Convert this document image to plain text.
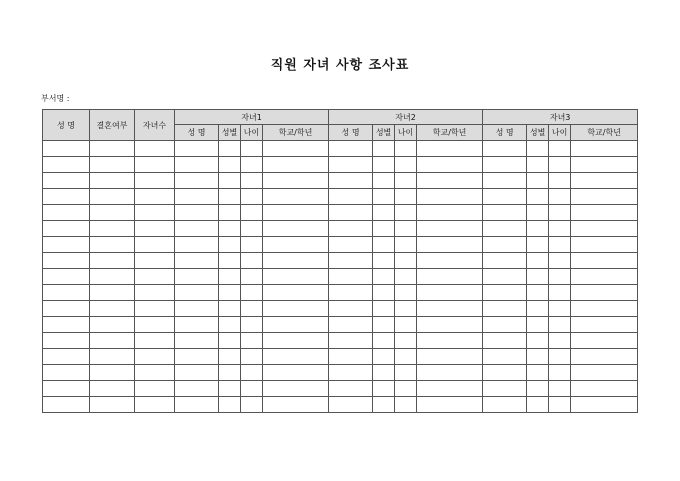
직원 자녀 사항 조사표
부서명 :
성 명	결혼여부	자녀수	자녀1				자녀2				자녀3			
			성 명	성별	나이	학교/학년	성 명	성별	나이	학교/학년	성 명	성별	나이	학교/학년
